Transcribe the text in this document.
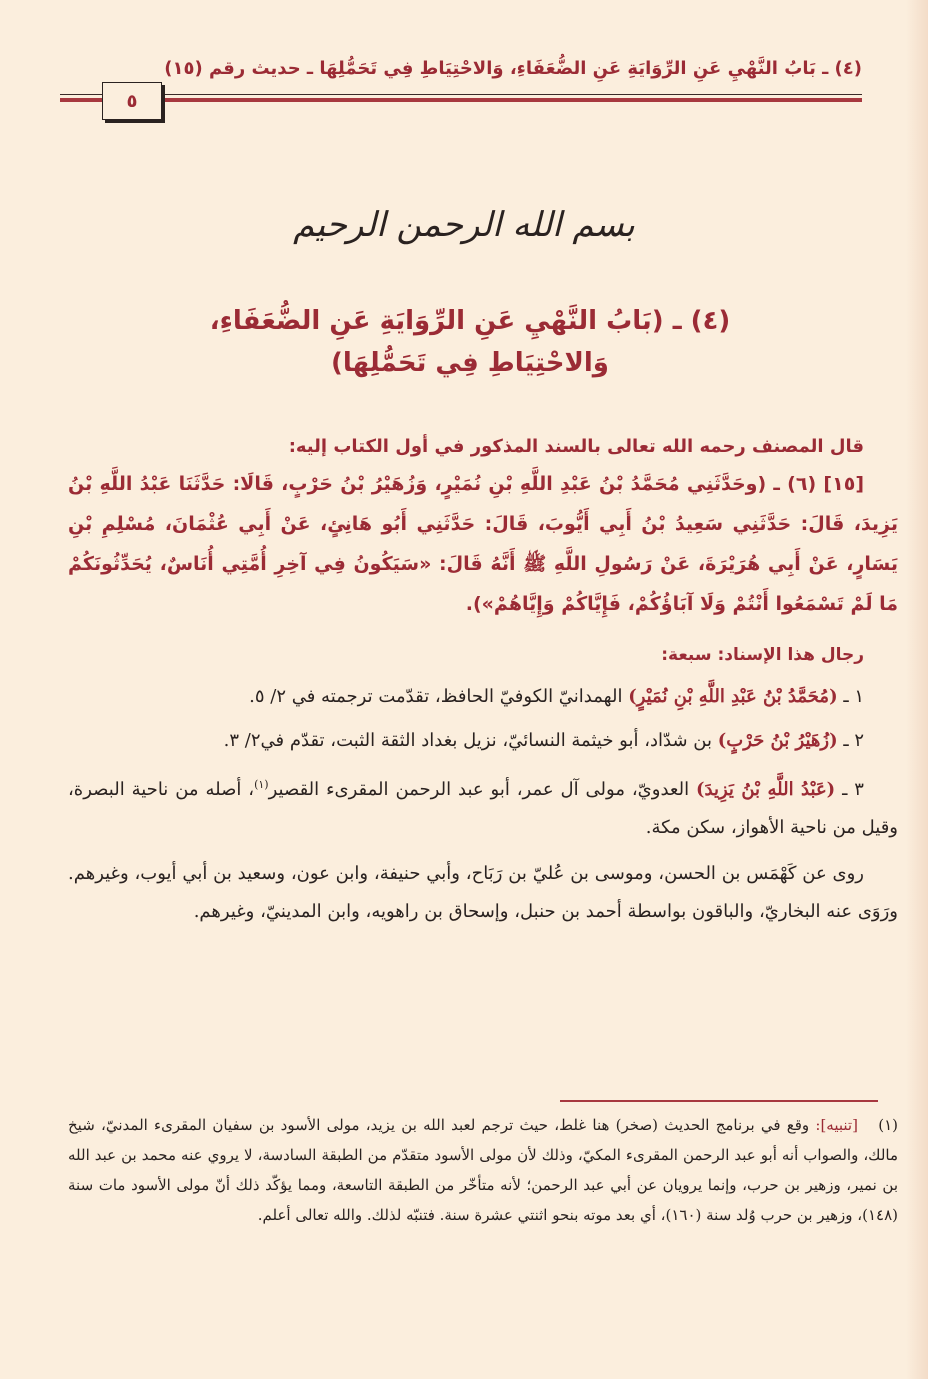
(٤) ـ بَابُ النَّهْيِ عَنِ الرِّوَايَةِ عَنِ الضُّعَفَاءِ، وَالاحْتِيَاطِ فِي تَحَمُّلِهَا ـ حديث رقم (١٥)
٥
بسم الله الرحمن الرحيم
(٤) ـ (بَابُ النَّهْيِ عَنِ الرِّوَايَةِ عَنِ الضُّعَفَاءِ،
وَالاحْتِيَاطِ فِي تَحَمُّلِهَا)
قال المصنف رحمه الله تعالى بالسند المذكور في أول الكتاب إليه:

[١٥] (٦) ـ (وحَدَّثَنِي مُحَمَّدُ بْنُ عَبْدِ اللَّهِ بْنِ نُمَيْرٍ، وَزُهَيْرُ بْنُ حَرْبٍ، قَالَا: حَدَّثَنَا عَبْدُ اللَّهِ بْنُ يَزِيدَ، قَالَ: حَدَّثَنِي سَعِيدُ بْنُ أَبِي أَيُّوبَ، قَالَ: حَدَّثَنِي أَبُو هَانِئٍ، عَنْ أَبِي عُثْمَانَ، مُسْلِمِ بْنِ يَسَارٍ، عَنْ أَبِي هُرَيْرَةَ، عَنْ رَسُولِ اللَّهِ ﷺ أَنَّهُ قَالَ: «سَيَكُونُ فِي آخِرِ أُمَّتِي أُنَاسٌ، يُحَدِّثُونَكُمْ مَا لَمْ تَسْمَعُوا أَنْتُمْ وَلَا آبَاؤُكُمْ، فَإِيَّاكُمْ وَإِيَّاهُمْ»).

رجال هذا الإسناد: سبعة:

١ ـ (مُحَمَّدُ بْنُ عَبْدِ اللَّهِ بْنِ نُمَيْرٍ) الهمدانيّ الكوفيّ الحافظ، تقدّمت ترجمته في ٢/ ٥.

٢ ـ (زُهَيْرُ بْنُ حَرْبٍ) بن شدّاد، أبو خيثمة النسائيّ، نزيل بغداد الثقة الثبت، تقدّم في٢/ ٣.

٣ ـ (عَبْدُ اللَّهِ بْنُ يَزِيدَ) العدويّ، مولى آل عمر، أبو عبد الرحمن المقرىء القصير$^{(١)}$، أصله من ناحية البصرة، وقيل من ناحية الأهواز، سكن مكة.

روى عن كَهْمَس بن الحسن، وموسى بن عُليّ بن رَبَاح، وأبي حنيفة، وابن عون، وسعيد بن أبي أيوب، وغيرهم. ورَوَى عنه البخاريّ، والباقون بواسطة أحمد بن حنبل، وإسحاق بن راهويه، وابن المدينيّ، وغيرهم.

(١) [تنبيه]: وقع في برنامج الحديث (صخر) هنا غلط، حيث ترجم لعبد الله بن يزيد، مولى الأسود بن سفيان المقرىء المدنيّ، شيخ مالك، والصواب أنه أبو عبد الرحمن المقرىء المكيّ، وذلك لأن مولى الأسود متقدّم من الطبقة السادسة، لا يروي عنه محمد بن عبد الله بن نمير، وزهير بن حرب، وإنما يرويان عن أبي عبد الرحمن؛ لأنه متأخّر من الطبقة التاسعة، ومما يؤكّد ذلك أنّ مولى الأسود مات سنة (١٤٨)، وزهير بن حرب وُلد سنة (١٦٠)، أي بعد موته بنحو اثنتي عشرة سنة. فتنبّه لذلك. والله تعالى أعلم.
